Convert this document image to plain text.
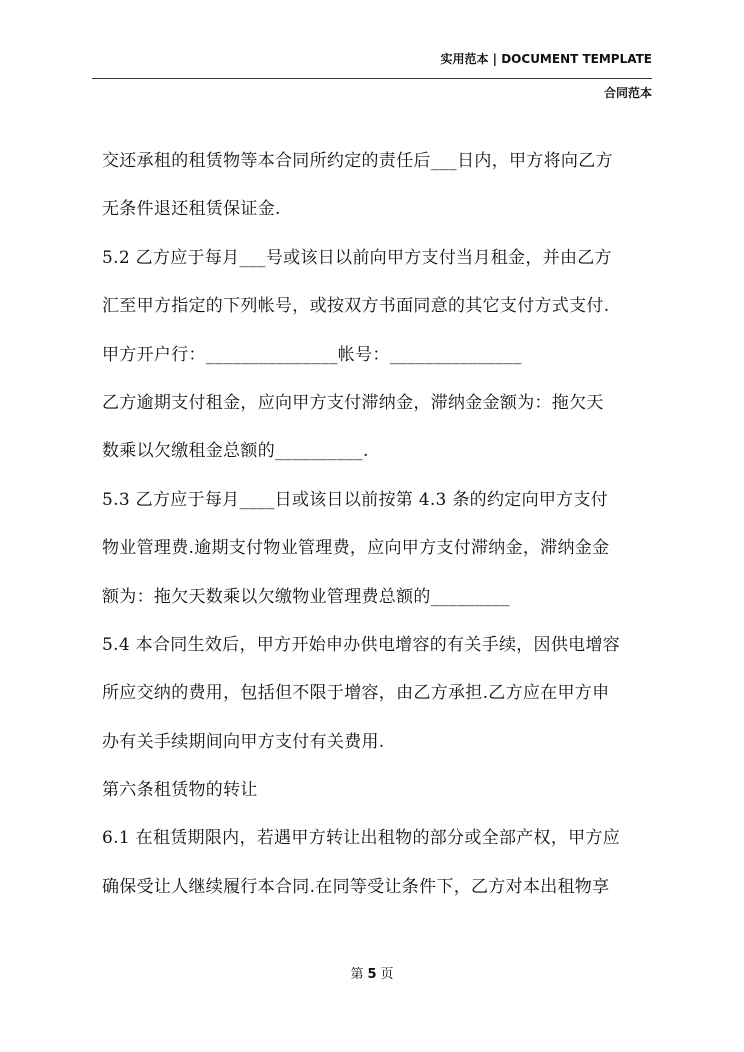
实用范本 | DOCUMENT TEMPLATE
合同范本
交还承租的租赁物等本合同所约定的责任后___日内，甲方将向乙方
无条件退还租赁保证金.
5.2 乙方应于每月___号或该日以前向甲方支付当月租金，并由乙方
汇至甲方指定的下列帐号，或按双方书面同意的其它支付方式支付.
甲方开户行：_______________帐号：_______________
乙方逾期支付租金，应向甲方支付滞纳金，滞纳金金额为：拖欠天
数乘以欠缴租金总额的__________.
5.3 乙方应于每月____日或该日以前按第 4.3 条的约定向甲方支付
物业管理费.逾期支付物业管理费，应向甲方支付滞纳金，滞纳金金
额为：拖欠天数乘以欠缴物业管理费总额的_________
5.4 本合同生效后，甲方开始申办供电增容的有关手续，因供电增容
所应交纳的费用，包括但不限于增容，由乙方承担.乙方应在甲方申
办有关手续期间向甲方支付有关费用.
第六条租赁物的转让
6.1 在租赁期限内，若遇甲方转让出租物的部分或全部产权，甲方应
确保受让人继续履行本合同.在同等受让条件下，乙方对本出租物享
第 5 页
